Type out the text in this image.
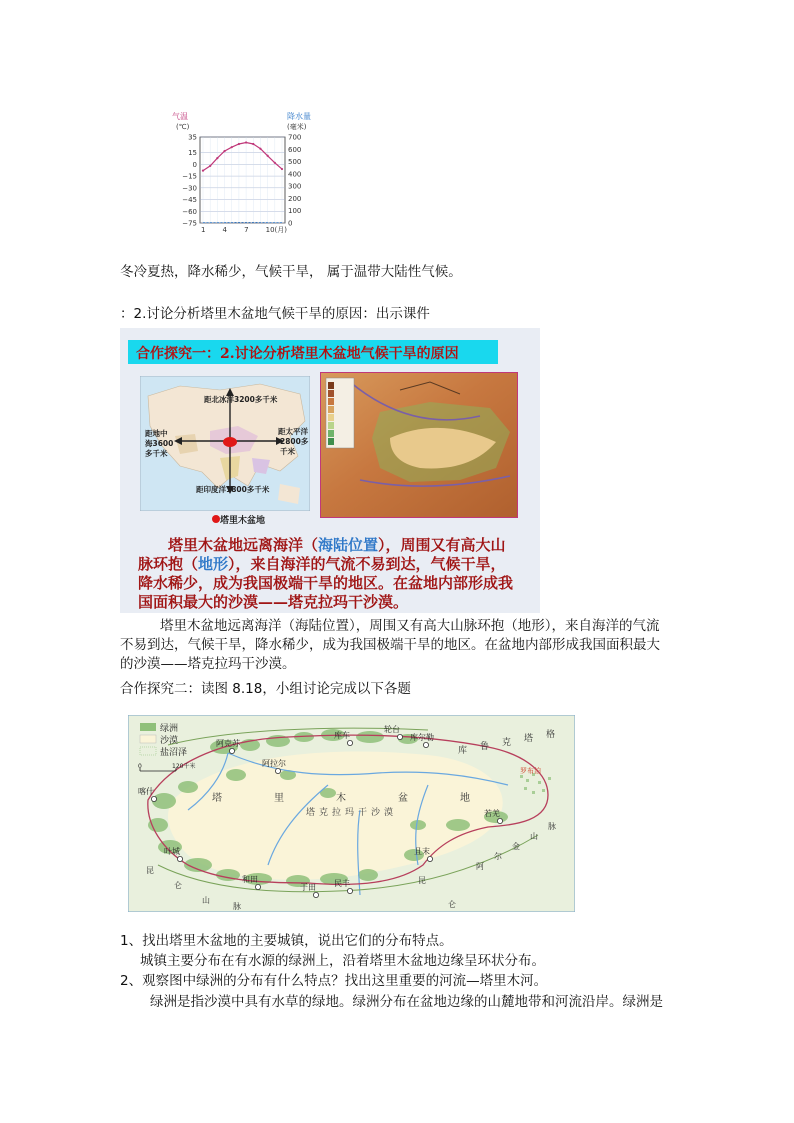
气温
(℃)
降水量
(毫米)
35
15
0
−15
−30
−45
−60
−75
700
600
500
400
300
200
100
0
1 4 7 10(月)
冬冷夏热，降水稀少，气候干旱， 属于温带大陆性气候。
：2.讨论分析塔里木盆地气候干旱的原因：出示课件
合作探究一：2.讨论分析塔里木盆地气候干旱的原因
距北冰洋3200多千米
距地中
海3600
多千米
距太平洋
2800多
千米
距印度洋1800多千米
塔里木盆地
塔里木盆地远离海洋（海陆位置），周围又有高大山
脉环抱（地形），来自海洋的气流不易到达，气候干旱，
降水稀少，成为我国极端干旱的地区。在盆地内部形成我
国面积最大的沙漠——塔克拉玛干沙漠。
塔里木盆地远离海洋（海陆位置），周围又有高大山脉环抱（地形），来自海洋的气流
不易到达，气候干旱，降水稀少，成为我国极端干旱的地区。在盆地内部形成我国面积最大
的沙漠——塔克拉玛干沙漠。
合作探究二：读图 8.18，小组讨论完成以下各题
绿洲
沙漠
盐沼泽
0	120千米
阿克苏
库车
轮台
库尔勒
阿拉尔
喀什
叶城
和田
于田 民丰
且末
若羌
塔	里	木	盆	地
库 鲁 克 塔 格
阿
尔
金
山
脉
昆
仑
昆
仑
山
脉
塔克拉玛干沙漠
罗布泊
1、找出塔里木盆地的主要城镇，说出它们的分布特点。
城镇主要分布在有水源的绿洲上，沿着塔里木盆地边缘呈环状分布。
2、观察图中绿洲的分布有什么特点？找出这里重要的河流—塔里木河。
绿洲是指沙漠中具有水草的绿地。绿洲分布在盆地边缘的山麓地带和河流沿岸。绿洲是
